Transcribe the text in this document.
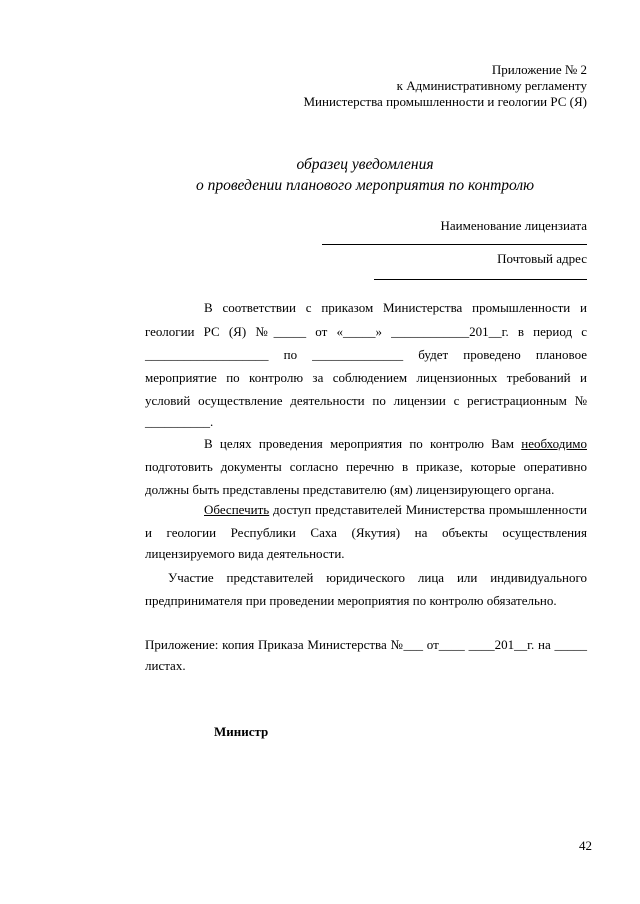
Приложение № 2
к Административному регламенту
Министерства промышленности и геологии РС (Я)
образец уведомления
о проведении планового мероприятия по контролю
Наименование лицензиата
Почтовый адрес
В соответствии с приказом Министерства промышленности и
геологии РС (Я) №_____ от «_____» ____________201__г. в период с
___________________ по ______________ будет проведено плановое
мероприятие по контролю за соблюдением лицензионных требований и
условий осуществление деятельности по лицензии с регистрационным №
__________.
В целях проведения мероприятия по контролю Вам необходимо
подготовить документы согласно перечню в приказе, которые оперативно
должны быть представлены представителю (ям) лицензирующего органа.
Обеспечить доступ представителей Министерства промышленности
и геологии Республики Саха (Якутия) на объекты осуществления
лицензируемого вида деятельности.
Участие представителей юридического лица или индивидуального
предпринимателя при проведении мероприятия по контролю обязательно.
Приложение: копия Приказа Министерства №___ от____ ____201__г. на _____
листах.
Министр
42
